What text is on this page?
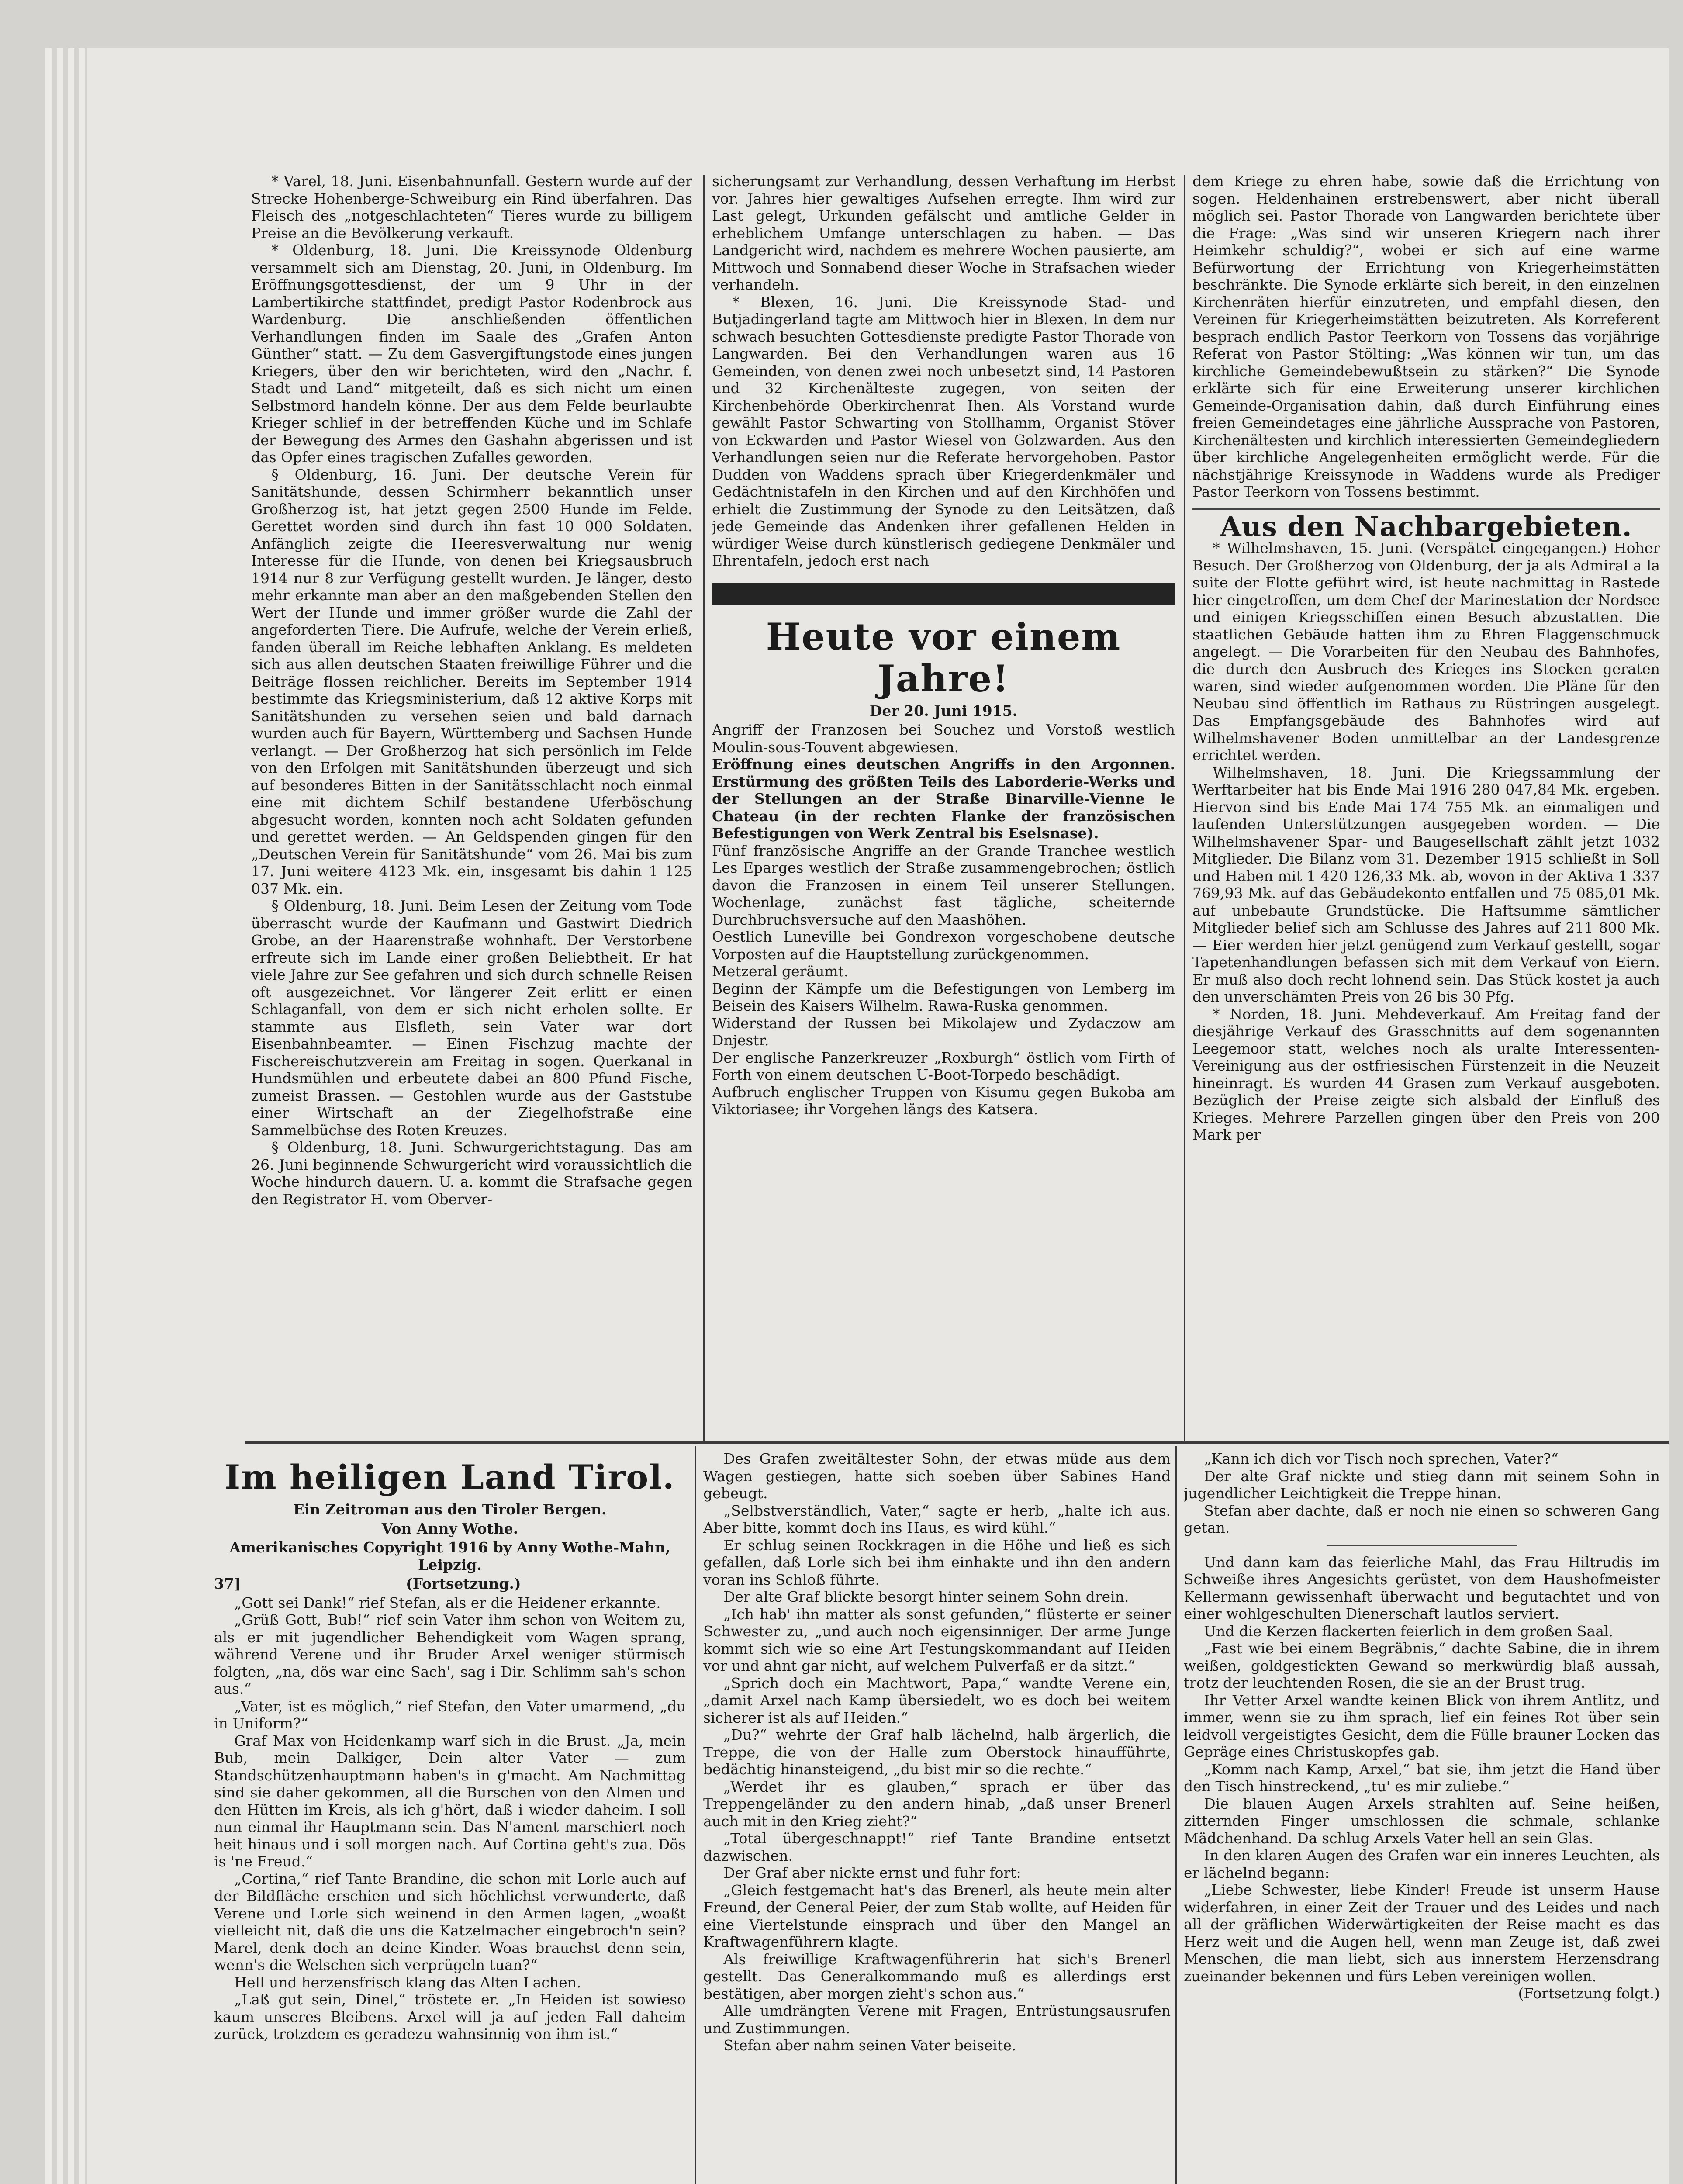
* Varel, 18. Juni. Eisenbahnunfall. Gestern wurde auf der Strecke Hohenberge-Schweiburg ein Rind überfahren. Das Fleisch des „notgeschlachteten“ Tieres wurde zu billigem Preise an die Bevölkerung verkauft.

* Oldenburg, 18. Juni. Die Kreissynode Oldenburg versammelt sich am Dienstag, 20. Juni, in Oldenburg. Im Eröffnungsgottesdienst, der um 9 Uhr in der Lambertikirche stattfindet, predigt Pastor Rodenbrock aus Wardenburg. Die anschließenden öffentlichen Verhandlungen finden im Saale des „Grafen Anton Günther“ statt. — Zu dem Gasvergiftungstode eines jungen Kriegers, über den wir berichteten, wird den „Nachr. f. Stadt und Land“ mitgeteilt, daß es sich nicht um einen Selbstmord handeln könne. Der aus dem Felde beurlaubte Krieger schlief in der betreffenden Küche und im Schlafe der Bewegung des Armes den Gashahn abgerissen und ist das Opfer eines tragischen Zufalles geworden.

§ Oldenburg, 16. Juni. Der deutsche Verein für Sanitätshunde, dessen Schirmherr bekanntlich unser Großherzog ist, hat jetzt gegen 2500 Hunde im Felde. Gerettet worden sind durch ihn fast 10 000 Soldaten. Anfänglich zeigte die Heeresverwaltung nur wenig Interesse für die Hunde, von denen bei Kriegsausbruch 1914 nur 8 zur Verfügung gestellt wurden. Je länger, desto mehr erkannte man aber an den maßgebenden Stellen den Wert der Hunde und immer größer wurde die Zahl der angeforderten Tiere. Die Aufrufe, welche der Verein erließ, fanden überall im Reiche lebhaften Anklang. Es meldeten sich aus allen deutschen Staaten freiwillige Führer und die Beiträge flossen reichlicher. Bereits im September 1914 bestimmte das Kriegsministerium, daß 12 aktive Korps mit Sanitätshunden zu versehen seien und bald darnach wurden auch für Bayern, Württemberg und Sachsen Hunde verlangt. — Der Großherzog hat sich persönlich im Felde von den Erfolgen mit Sanitätshunden überzeugt und sich auf besonderes Bitten in der Sanitätsschlacht noch einmal eine mit dichtem Schilf bestandene Uferböschung abgesucht worden, konnten noch acht Soldaten gefunden und gerettet werden. — An Geldspenden gingen für den „Deutschen Verein für Sanitätshunde“ vom 26. Mai bis zum 17. Juni weitere 4123 Mk. ein, insgesamt bis dahin 1 125 037 Mk. ein.

§ Oldenburg, 18. Juni. Beim Lesen der Zeitung vom Tode überrascht wurde der Kaufmann und Gastwirt Diedrich Grobe, an der Haarenstraße wohnhaft. Der Verstorbene erfreute sich im Lande einer großen Beliebtheit. Er hat viele Jahre zur See gefahren und sich durch schnelle Reisen oft ausgezeichnet. Vor längerer Zeit erlitt er einen Schlaganfall, von dem er sich nicht erholen sollte. Er stammte aus Elsfleth, sein Vater war dort Eisenbahnbeamter. — Einen Fischzug machte der Fischereischutzverein am Freitag in sogen. Querkanal in Hundsmühlen und erbeutete dabei an 800 Pfund Fische, zumeist Brassen. — Gestohlen wurde aus der Gaststube einer Wirtschaft an der Ziegelhofstraße eine Sammelbüchse des Roten Kreuzes.

§ Oldenburg, 18. Juni. Schwurgerichtstagung. Das am 26. Juni beginnende Schwurgericht wird voraussichtlich die Woche hindurch dauern. U. a. kommt die Strafsache gegen den Registrator H. vom Oberver-

sicherungsamt zur Verhandlung, dessen Verhaftung im Herbst vor. Jahres hier gewaltiges Aufsehen erregte. Ihm wird zur Last gelegt, Urkunden gefälscht und amtliche Gelder in erheblichem Umfange unterschlagen zu haben. — Das Landgericht wird, nachdem es mehrere Wochen pausierte, am Mittwoch und Sonnabend dieser Woche in Strafsachen wieder verhandeln.

* Blexen, 16. Juni. Die Kreissynode Stad- und Butjadingerland tagte am Mittwoch hier in Blexen. In dem nur schwach besuchten Gottesdienste predigte Pastor Thorade von Langwarden. Bei den Verhandlungen waren aus 16 Gemeinden, von denen zwei noch unbesetzt sind, 14 Pastoren und 32 Kirchenälteste zugegen, von seiten der Kirchenbehörde Oberkirchenrat Ihen. Als Vorstand wurde gewählt Pastor Schwarting von Stollhamm, Organist Stöver von Eckwarden und Pastor Wiesel von Golzwarden. Aus den Verhandlungen seien nur die Referate hervorgehoben. Pastor Dudden von Waddens sprach über Kriegerdenkmäler und Gedächtnistafeln in den Kirchen und auf den Kirchhöfen und erhielt die Zustimmung der Synode zu den Leitsätzen, daß jede Gemeinde das Andenken ihrer gefallenen Helden in würdiger Weise durch künstlerisch gediegene Denkmäler und Ehrentafeln, jedoch erst nach

Heute vor einem Jahre!
Der 20. Juni 1915.

Angriff der Franzosen bei Souchez und Vorstoß westlich Moulin-sous-Touvent abgewiesen.

Eröffnung eines deutschen Angriffs in den Argonnen. Erstürmung des größten Teils des Laborderie-Werks und der Stellungen an der Straße Binarville-Vienne le Chateau (in der rechten Flanke der französischen Befestigungen von Werk Zentral bis Eselsnase).

Fünf französische Angriffe an der Grande Tranchee westlich Les Eparges westlich der Straße zusammengebrochen; östlich davon die Franzosen in einem Teil unserer Stellungen. Wochenlage, zunächst fast tägliche, scheiternde Durchbruchsversuche auf den Maashöhen.

Oestlich Luneville bei Gondrexon vorgeschobene deutsche Vorposten auf die Hauptstellung zurückgenommen.

Metzeral geräumt.

Beginn der Kämpfe um die Befestigungen von Lemberg im Beisein des Kaisers Wilhelm. Rawa-Ruska genommen.

Widerstand der Russen bei Mikolajew und Zydaczow am Dnjestr.

Der englische Panzerkreuzer „Roxburgh“ östlich vom Firth of Forth von einem deutschen U-Boot-Torpedo beschädigt.

Aufbruch englischer Truppen von Kisumu gegen Bukoba am Viktoriasee; ihr Vorgehen längs des Katsera.

dem Kriege zu ehren habe, sowie daß die Errichtung von sogen. Heldenhainen erstrebenswert, aber nicht überall möglich sei. Pastor Thorade von Langwarden berichtete über die Frage: „Was sind wir unseren Kriegern nach ihrer Heimkehr schuldig?“, wobei er sich auf eine warme Befürwortung der Errichtung von Kriegerheimstätten beschränkte. Die Synode erklärte sich bereit, in den einzelnen Kirchenräten hierfür einzutreten, und empfahl diesen, den Vereinen für Kriegerheimstätten beizutreten. Als Korreferent besprach endlich Pastor Teerkorn von Tossens das vorjährige Referat von Pastor Stölting: „Was können wir tun, um das kirchliche Gemeindebewußtsein zu stärken?“ Die Synode erklärte sich für eine Erweiterung unserer kirchlichen Gemeinde-Organisation dahin, daß durch Einführung eines freien Gemeindetages eine jährliche Aussprache von Pastoren, Kirchenältesten und kirchlich interessierten Gemeindegliedern über kirchliche Angelegenheiten ermöglicht werde. Für die nächstjährige Kreissynode in Waddens wurde als Prediger Pastor Teerkorn von Tossens bestimmt.

Aus den Nachbargebieten.

* Wilhelmshaven, 15. Juni. (Verspätet eingegangen.) Hoher Besuch. Der Großherzog von Oldenburg, der ja als Admiral a la suite der Flotte geführt wird, ist heute nachmittag in Rastede hier eingetroffen, um dem Chef der Marinestation der Nordsee und einigen Kriegsschiffen einen Besuch abzustatten. Die staatlichen Gebäude hatten ihm zu Ehren Flaggenschmuck angelegt. — Die Vorarbeiten für den Neubau des Bahnhofes, die durch den Ausbruch des Krieges ins Stocken geraten waren, sind wieder aufgenommen worden. Die Pläne für den Neubau sind öffentlich im Rathaus zu Rüstringen ausgelegt. Das Empfangsgebäude des Bahnhofes wird auf Wilhelmshavener Boden unmittelbar an der Landesgrenze errichtet werden.

Wilhelmshaven, 18. Juni. Die Kriegssammlung der Werftarbeiter hat bis Ende Mai 1916 280 047,84 Mk. ergeben. Hiervon sind bis Ende Mai 174 755 Mk. an einmaligen und laufenden Unterstützungen ausgegeben worden. — Die Wilhelmshavener Spar- und Baugesellschaft zählt jetzt 1032 Mitglieder. Die Bilanz vom 31. Dezember 1915 schließt in Soll und Haben mit 1 420 126,33 Mk. ab, wovon in der Aktiva 1 337 769,93 Mk. auf das Gebäudekonto entfallen und 75 085,01 Mk. auf unbebaute Grundstücke. Die Haftsumme sämtlicher Mitglieder belief sich am Schlusse des Jahres auf 211 800 Mk. — Eier werden hier jetzt genügend zum Verkauf gestellt, sogar Tapetenhandlungen befassen sich mit dem Verkauf von Eiern. Er muß also doch recht lohnend sein. Das Stück kostet ja auch den unverschämten Preis von 26 bis 30 Pfg.

* Norden, 18. Juni. Mehdeverkauf. Am Freitag fand der diesjährige Verkauf des Grasschnitts auf dem sogenannten Leegemoor statt, welches noch als uralte Interessenten-Vereinigung aus der ostfriesischen Fürstenzeit in die Neuzeit hineinragt. Es wurden 44 Grasen zum Verkauf ausgeboten. Bezüglich der Preise zeigte sich alsbald der Einfluß des Krieges. Mehrere Parzellen gingen über den Preis von 200 Mark per

Im heiligen Land Tirol.
Ein Zeitroman aus den Tiroler Bergen.
Von Anny Wothe.
Amerikanisches Copyright 1916 by Anny Wothe-Mahn, Leipzig.
37]	(Fortsetzung.)

„Gott sei Dank!“ rief Stefan, als er die Heidener erkannte.

„Grüß Gott, Bub!“ rief sein Vater ihm schon von Weitem zu, als er mit jugendlicher Behendigkeit vom Wagen sprang, während Verene und ihr Bruder Arxel weniger stürmisch folgten, „na, dös war eine Sach', sag i Dir. Schlimm sah's schon aus.“

„Vater, ist es möglich,“ rief Stefan, den Vater umarmend, „du in Uniform?“

Graf Max von Heidenkamp warf sich in die Brust. „Ja, mein Bub, mein Dalkiger, Dein alter Vater — zum Standschützenhauptmann haben's in g'macht. Am Nachmittag sind sie daher gekommen, all die Burschen von den Almen und den Hütten im Kreis, als ich g'hört, daß i wieder daheim. I soll nun einmal ihr Hauptmann sein. Das N'ament marschiert noch heit hinaus und i soll morgen nach. Auf Cortina geht's zua. Dös is 'ne Freud.“

„Cortina,“ rief Tante Brandine, die schon mit Lorle auch auf der Bildfläche erschien und sich höchlichst verwunderte, daß Verene und Lorle sich weinend in den Armen lagen, „woaßt vielleicht nit, daß die uns die Katzelmacher eingebroch'n sein? Marel, denk doch an deine Kinder. Woas brauchst denn sein, wenn's die Welschen sich verprügeln tuan?“

Hell und herzensfrisch klang das Alten Lachen.

„Laß gut sein, Dinel,“ tröstete er. „In Heiden ist sowieso kaum unseres Bleibens. Arxel will ja auf jeden Fall daheim zurück, trotzdem es geradezu wahnsinnig von ihm ist.“

Des Grafen zweitältester Sohn, der etwas müde aus dem Wagen gestiegen, hatte sich soeben über Sabines Hand gebeugt.

„Selbstverständlich, Vater,“ sagte er herb, „halte ich aus. Aber bitte, kommt doch ins Haus, es wird kühl.“

Er schlug seinen Rockkragen in die Höhe und ließ es sich gefallen, daß Lorle sich bei ihm einhakte und ihn den andern voran ins Schloß führte.

Der alte Graf blickte besorgt hinter seinem Sohn drein.

„Ich hab' ihn matter als sonst gefunden,“ flüsterte er seiner Schwester zu, „und auch noch eigensinniger. Der arme Junge kommt sich wie so eine Art Festungskommandant auf Heiden vor und ahnt gar nicht, auf welchem Pulverfaß er da sitzt.“

„Sprich doch ein Machtwort, Papa,“ wandte Verene ein, „damit Arxel nach Kamp übersiedelt, wo es doch bei weitem sicherer ist als auf Heiden.“

„Du?“ wehrte der Graf halb lächelnd, halb ärgerlich, die Treppe, die von der Halle zum Oberstock hinaufführte, bedächtig hinansteigend, „du bist mir so die rechte.“

„Werdet ihr es glauben,“ sprach er über das Treppengeländer zu den andern hinab, „daß unser Brenerl auch mit in den Krieg zieht?“

„Total übergeschnappt!“ rief Tante Brandine entsetzt dazwischen.

Der Graf aber nickte ernst und fuhr fort:

„Gleich festgemacht hat's das Brenerl, als heute mein alter Freund, der General Peier, der zum Stab wollte, auf Heiden für eine Viertelstunde einsprach und über den Mangel an Kraftwagenführern klagte.

Als freiwillige Kraftwagenführerin hat sich's Brenerl gestellt. Das Generalkommando muß es allerdings erst bestätigen, aber morgen zieht's schon aus.“

Alle umdrängten Verene mit Fragen, Entrüstungsausrufen und Zustimmungen.

Stefan aber nahm seinen Vater beiseite.

„Kann ich dich vor Tisch noch sprechen, Vater?“

Der alte Graf nickte und stieg dann mit seinem Sohn in jugendlicher Leichtigkeit die Treppe hinan.

Stefan aber dachte, daß er noch nie einen so schweren Gang getan.

Und dann kam das feierliche Mahl, das Frau Hiltrudis im Schweiße ihres Angesichts gerüstet, von dem Haushofmeister Kellermann gewissenhaft überwacht und begutachtet und von einer wohlgeschulten Dienerschaft lautlos serviert.

Und die Kerzen flackerten feierlich in dem großen Saal.

„Fast wie bei einem Begräbnis,“ dachte Sabine, die in ihrem weißen, goldgestickten Gewand so merkwürdig blaß aussah, trotz der leuchtenden Rosen, die sie an der Brust trug.

Ihr Vetter Arxel wandte keinen Blick von ihrem Antlitz, und immer, wenn sie zu ihm sprach, lief ein feines Rot über sein leidvoll vergeistigtes Gesicht, dem die Fülle brauner Locken das Gepräge eines Christuskopfes gab.

„Komm nach Kamp, Arxel,“ bat sie, ihm jetzt die Hand über den Tisch hinstreckend, „tu' es mir zuliebe.“

Die blauen Augen Arxels strahlten auf. Seine heißen, zitternden Finger umschlossen die schmale, schlanke Mädchenhand. Da schlug Arxels Vater hell an sein Glas.

In den klaren Augen des Grafen war ein inneres Leuchten, als er lächelnd begann:

„Liebe Schwester, liebe Kinder! Freude ist unserm Hause widerfahren, in einer Zeit der Trauer und des Leides und nach all der gräflichen Widerwärtigkeiten der Reise macht es das Herz weit und die Augen hell, wenn man Zeuge ist, daß zwei Menschen, die man liebt, sich aus innerstem Herzensdrang zueinander bekennen und fürs Leben vereinigen wollen.

(Fortsetzung folgt.)
